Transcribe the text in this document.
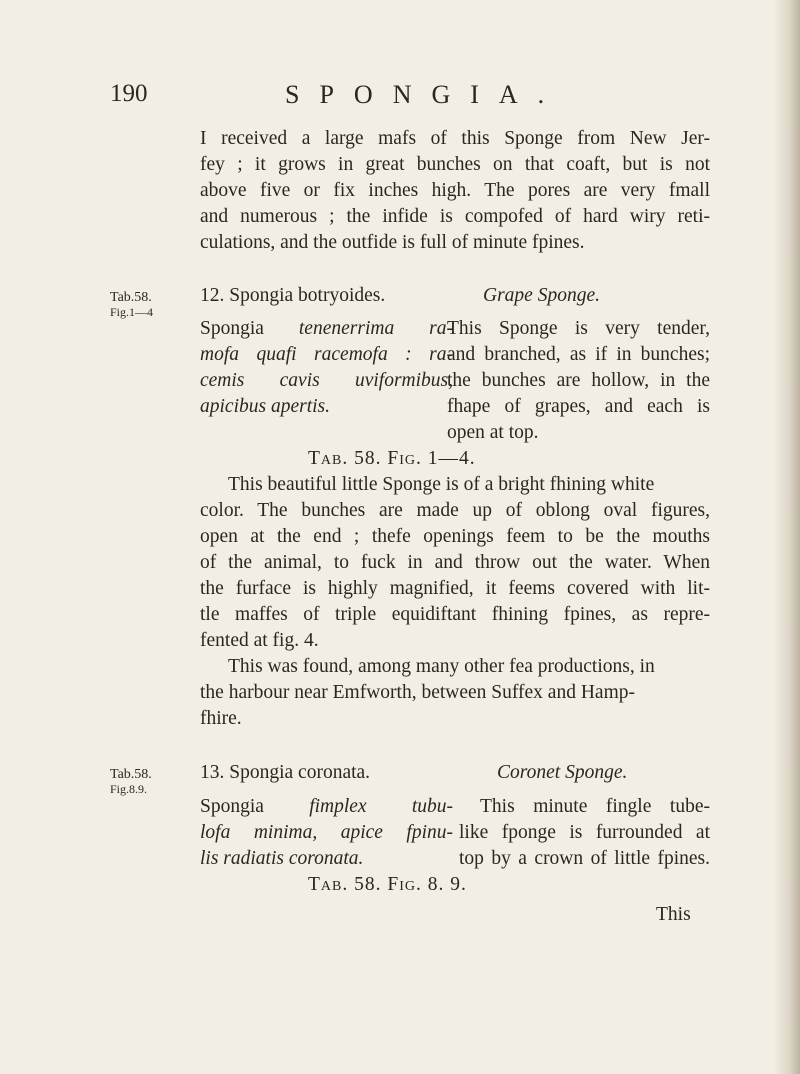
190	SPONGIA.
I received a large mafs of this Sponge from New Jer-
fey ; it grows in great bunches on that coaft, but is not
above five or fix inches high. The pores are very fmall
and numerous ; the infide is compofed of hard wiry reti-
culations, and the outfide is full of minute fpines.
Tab.58.
Fig.1—4
12. Spongia botryoides.	Grape Sponge.
Spongia tenenerrima ra-
mofa quafi racemofa : ra-
cemis cavis uviformibus,
apicibus apertis.
This Sponge is very tender,
and branched, as if in bunches;
the bunches are hollow, in the
fhape of grapes, and each is
open at top.
Tab. 58. Fig. 1—4.
This beautiful little Sponge is of a bright fhining white
color. The bunches are made up of oblong oval figures,
open at the end ; thefe openings feem to be the mouths
of the animal, to fuck in and throw out the water. When
the furface is highly magnified, it feems covered with lit-
tle maffes of triple equidiftant fhining fpines, as repre-
fented at fig. 4.
This was found, among many other fea productions, in
the harbour near Emfworth, between Suffex and Hamp-
fhire.
Tab.58.
Fig.8.9.
13. Spongia coronata.	Coronet Sponge.
Spongia fimplex tubu-
lofa minima, apice fpinu-
lis radiatis coronata.
This minute fingle tube-
like fponge is furrounded at
top by a crown of little fpines.
Tab. 58. Fig. 8. 9.
This
